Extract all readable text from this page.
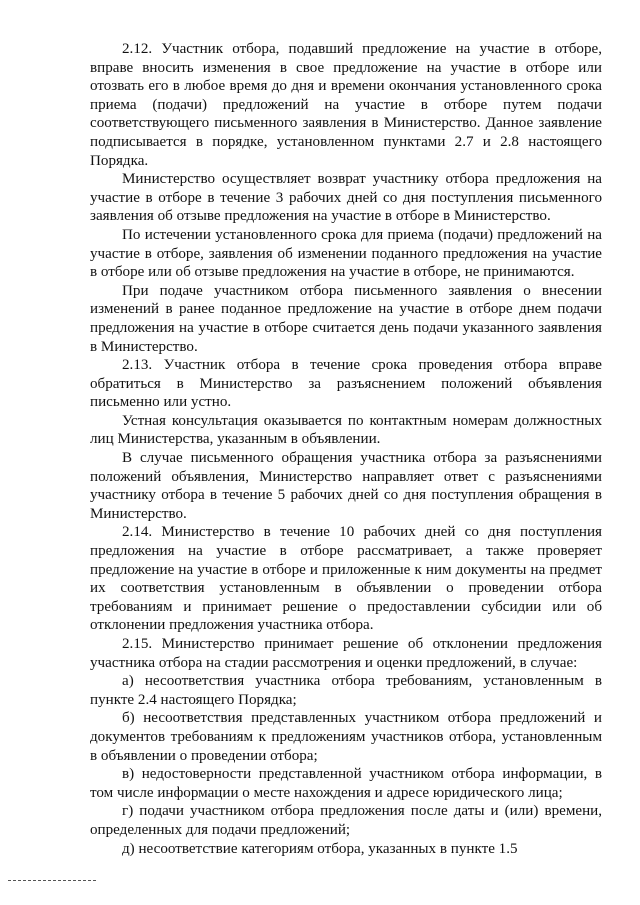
2.12. Участник отбора, подавший предложение на участие в отборе, вправе вносить изменения в свое предложение на участие в отборе или отозвать его в любое время до дня и времени окончания установленного срока приема (подачи) предложений на участие в отборе путем подачи соответствующего письменного заявления в Министерство. Данное заявление подписывается в порядке, установленном пунктами 2.7 и 2.8 настоящего Порядка.

Министерство осуществляет возврат участнику отбора предложения на участие в отборе в течение 3 рабочих дней со дня поступления письменного заявления об отзыве предложения на участие в отборе в Министерство.

По истечении установленного срока для приема (подачи) предложений на участие в отборе, заявления об изменении поданного предложения на участие в отборе или об отзыве предложения на участие в отборе, не принимаются.

При подаче участником отбора письменного заявления о внесении изменений в ранее поданное предложение на участие в отборе днем подачи предложения на участие в отборе считается день подачи указанного заявления в Министерство.

2.13. Участник отбора в течение срока проведения отбора вправе обратиться в Министерство за разъяснением положений объявления письменно или устно.

Устная консультация оказывается по контактным номерам должностных лиц Министерства, указанным в объявлении.

В случае письменного обращения участника отбора за разъяснениями положений объявления, Министерство направляет ответ с разъяснениями участнику отбора в течение 5 рабочих дней со дня поступления обращения в Министерство.

2.14. Министерство в течение 10 рабочих дней со дня поступления предложения на участие в отборе рассматривает, а также проверяет предложение на участие в отборе и приложенные к ним документы на предмет их соответствия установленным в объявлении о проведении отбора требованиям и принимает решение о предоставлении субсидии или об отклонении предложения участника отбора.

2.15. Министерство принимает решение об отклонении предложения участника отбора на стадии рассмотрения и оценки предложений, в случае:

а) несоответствия участника отбора требованиям, установленным в пункте 2.4 настоящего Порядка;

б) несоответствия представленных участником отбора предложений и документов требованиям к предложениям участников отбора, установленным в объявлении о проведении отбора;

в) недостоверности представленной участником отбора информации, в том числе информации о месте нахождения и адресе юридического лица;

г) подачи участником отбора предложения после даты и (или) времени, определенных для подачи предложений;

д) несоответствие категориям отбора, указанных в пункте 1.5
